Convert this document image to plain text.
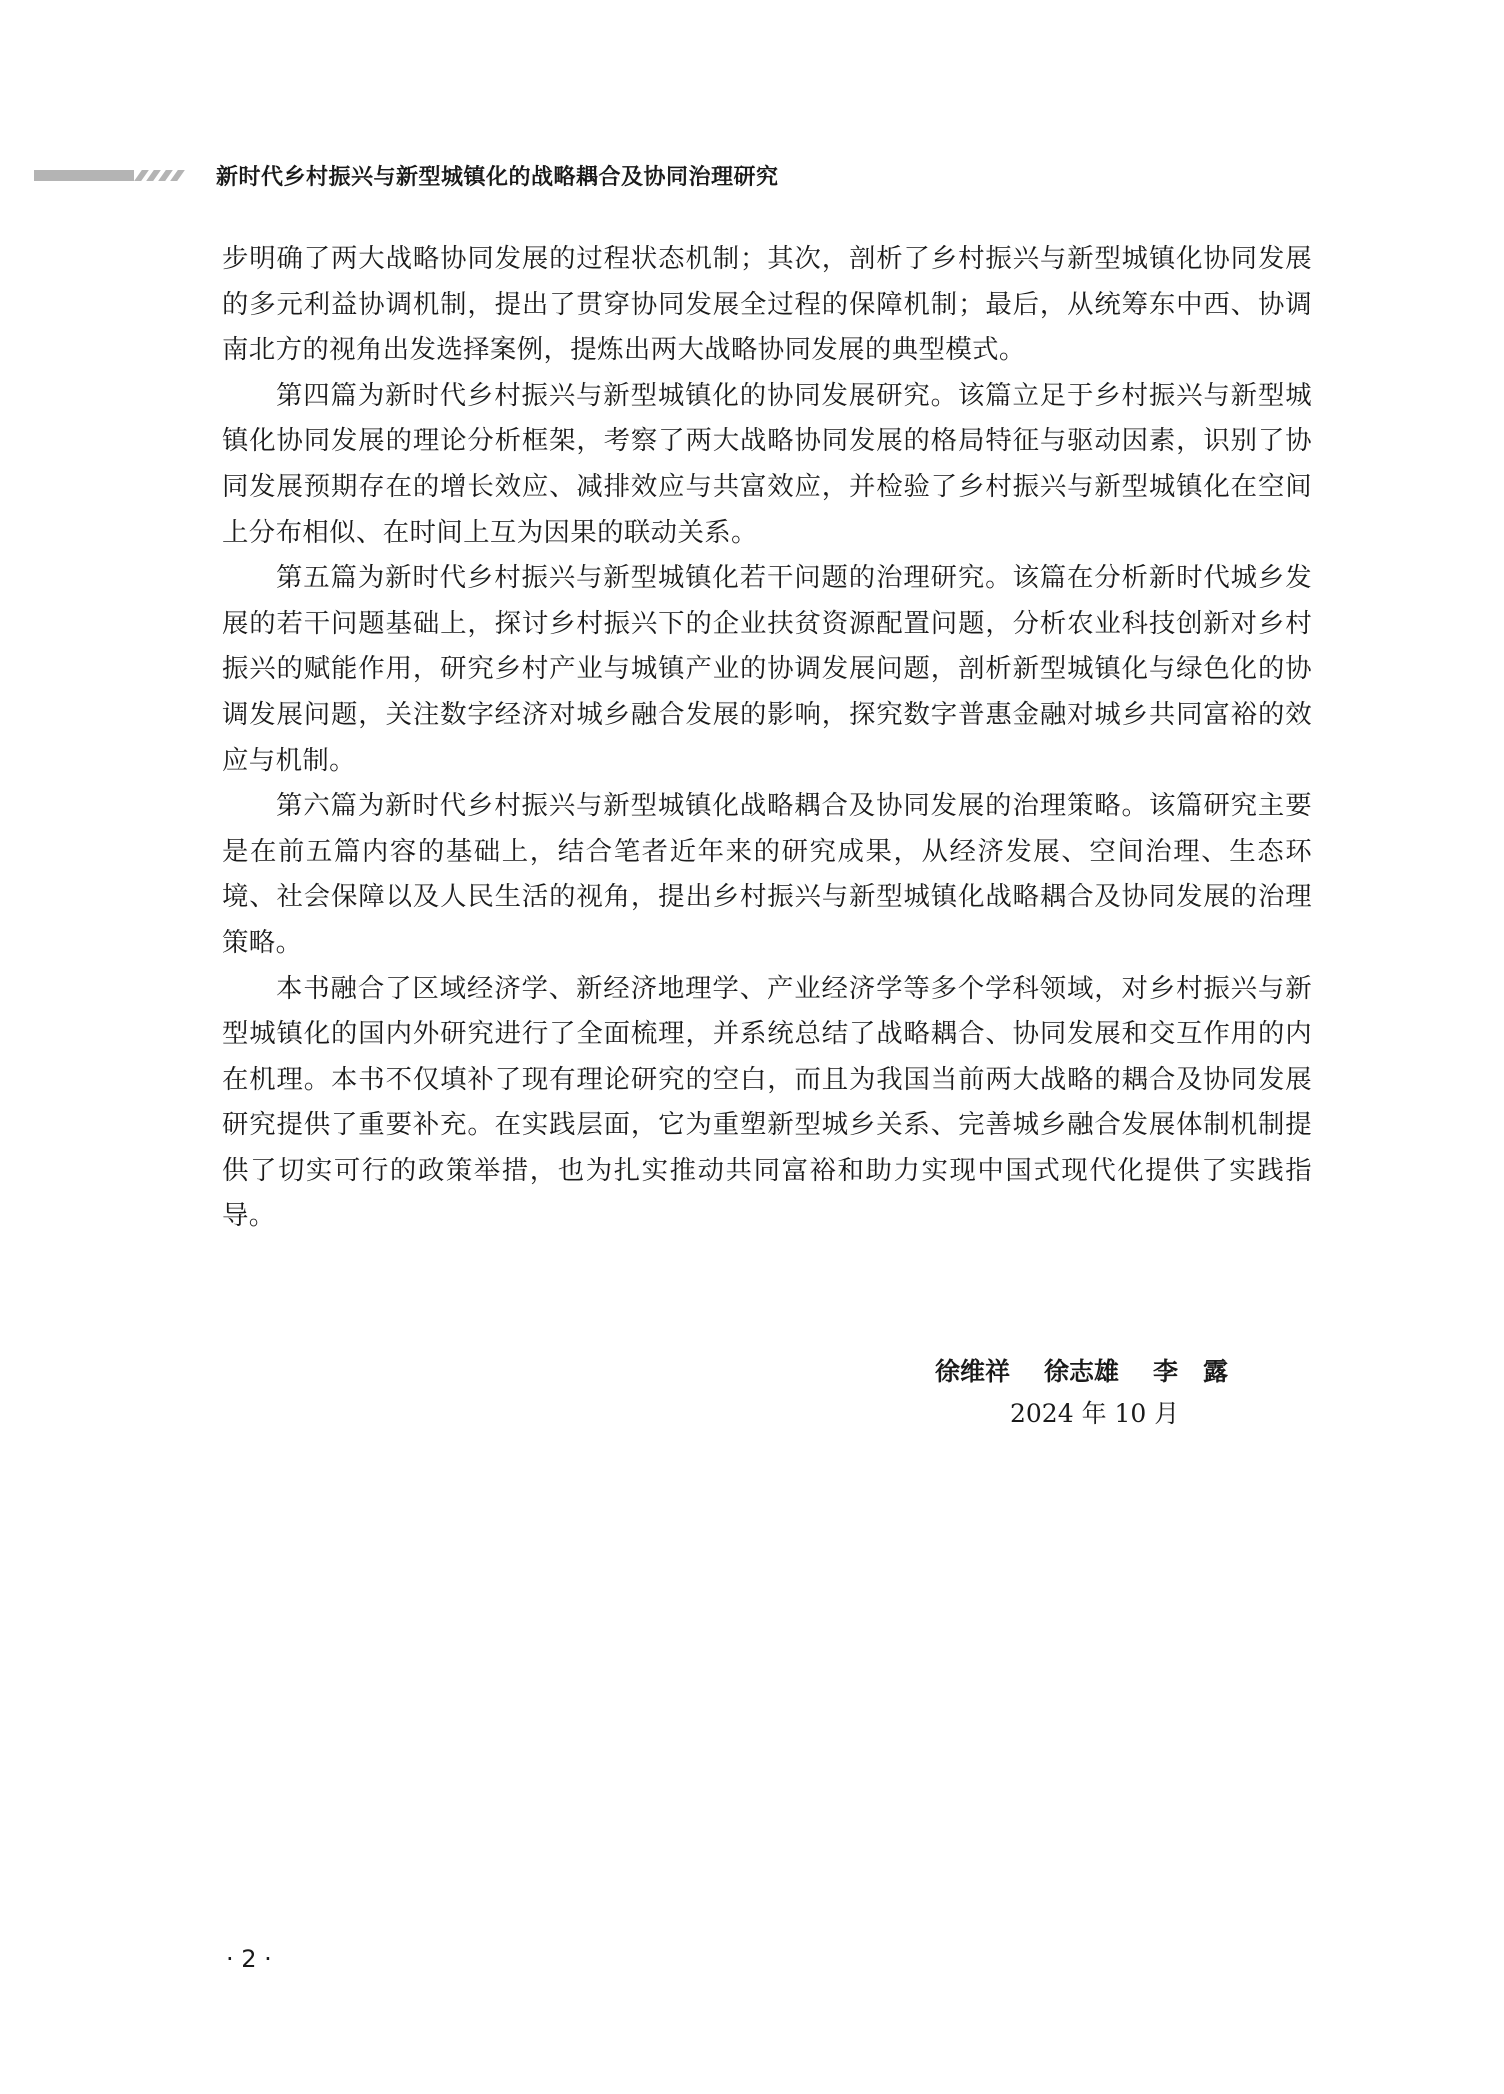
新时代乡村振兴与新型城镇化的战略耦合及协同治理研究

步明确了两大战略协同发展的过程状态机制；其次，剖析了乡村振兴与新型城镇化协同发展的多元利益协调机制，提出了贯穿协同发展全过程的保障机制；最后，从统筹东中西、协调南北方的视角出发选择案例，提炼出两大战略协同发展的典型模式。

第四篇为新时代乡村振兴与新型城镇化的协同发展研究。该篇立足于乡村振兴与新型城镇化协同发展的理论分析框架，考察了两大战略协同发展的格局特征与驱动因素，识别了协同发展预期存在的增长效应、减排效应与共富效应，并检验了乡村振兴与新型城镇化在空间上分布相似、在时间上互为因果的联动关系。

第五篇为新时代乡村振兴与新型城镇化若干问题的治理研究。该篇在分析新时代城乡发展的若干问题基础上，探讨乡村振兴下的企业扶贫资源配置问题，分析农业科技创新对乡村振兴的赋能作用，研究乡村产业与城镇产业的协调发展问题，剖析新型城镇化与绿色化的协调发展问题，关注数字经济对城乡融合发展的影响，探究数字普惠金融对城乡共同富裕的效应与机制。

第六篇为新时代乡村振兴与新型城镇化战略耦合及协同发展的治理策略。该篇研究主要是在前五篇内容的基础上，结合笔者近年来的研究成果，从经济发展、空间治理、生态环境、社会保障以及人民生活的视角，提出乡村振兴与新型城镇化战略耦合及协同发展的治理策略。

本书融合了区域经济学、新经济地理学、产业经济学等多个学科领域，对乡村振兴与新型城镇化的国内外研究进行了全面梳理，并系统总结了战略耦合、协同发展和交互作用的内在机理。本书不仅填补了现有理论研究的空白，而且为我国当前两大战略的耦合及协同发展研究提供了重要补充。在实践层面，它为重塑新型城乡关系、完善城乡融合发展体制机制提供了切实可行的政策举措，也为扎实推动共同富裕和助力实现中国式现代化提供了实践指导。

徐维祥 徐志雄 李　露
2024 年 10 月
· 2 ·
